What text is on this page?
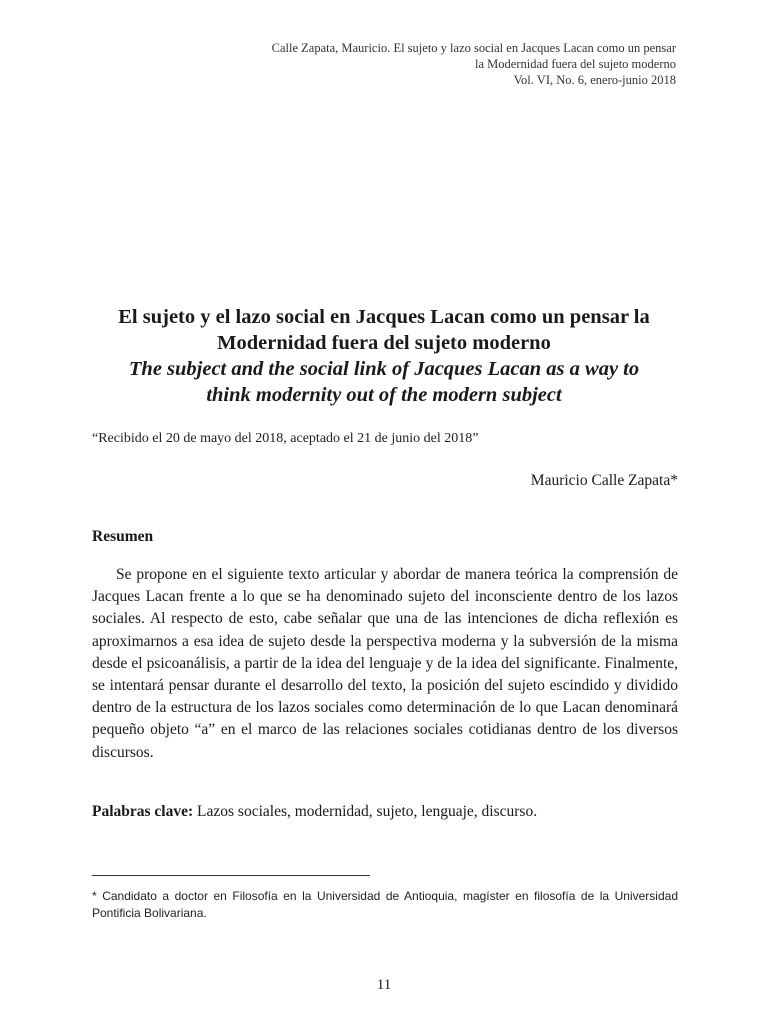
Calle Zapata, Mauricio. El sujeto y lazo social en Jacques Lacan como un pensar
la Modernidad fuera del sujeto moderno
Vol. VI, No. 6, enero-junio 2018
El sujeto y el lazo social en Jacques Lacan como un pensar la
Modernidad fuera del sujeto moderno
The subject and the social link of Jacques Lacan as a way to
think modernity out of the modern subject
“Recibido el 20 de mayo del 2018, aceptado el 21 de junio del 2018”
Mauricio Calle Zapata*
Resumen

Se propone en el siguiente texto articular y abordar de manera teórica la comprensión de Jacques Lacan frente a lo que se ha denominado sujeto del inconsciente dentro de los lazos sociales. Al respecto de esto, cabe señalar que una de las intenciones de dicha reflexión es aproximarnos a esa idea de sujeto desde la perspectiva moderna y la subversión de la misma desde el psicoanálisis, a partir de la idea del lenguaje y de la idea del significante. Finalmente, se intentará pensar durante el desarrollo del texto, la posición del sujeto escindido y dividido dentro de la estructura de los lazos sociales como determinación de lo que Lacan denominará pequeño objeto “a” en el marco de las relaciones sociales cotidianas dentro de los diversos discursos.

Palabras clave: Lazos sociales, modernidad, sujeto, lenguaje, discurso.

* Candidato a doctor en Filosofía en la Universidad de Antioquia, magíster en filosofía de la Universidad Pontificia Bolivariana.

11
